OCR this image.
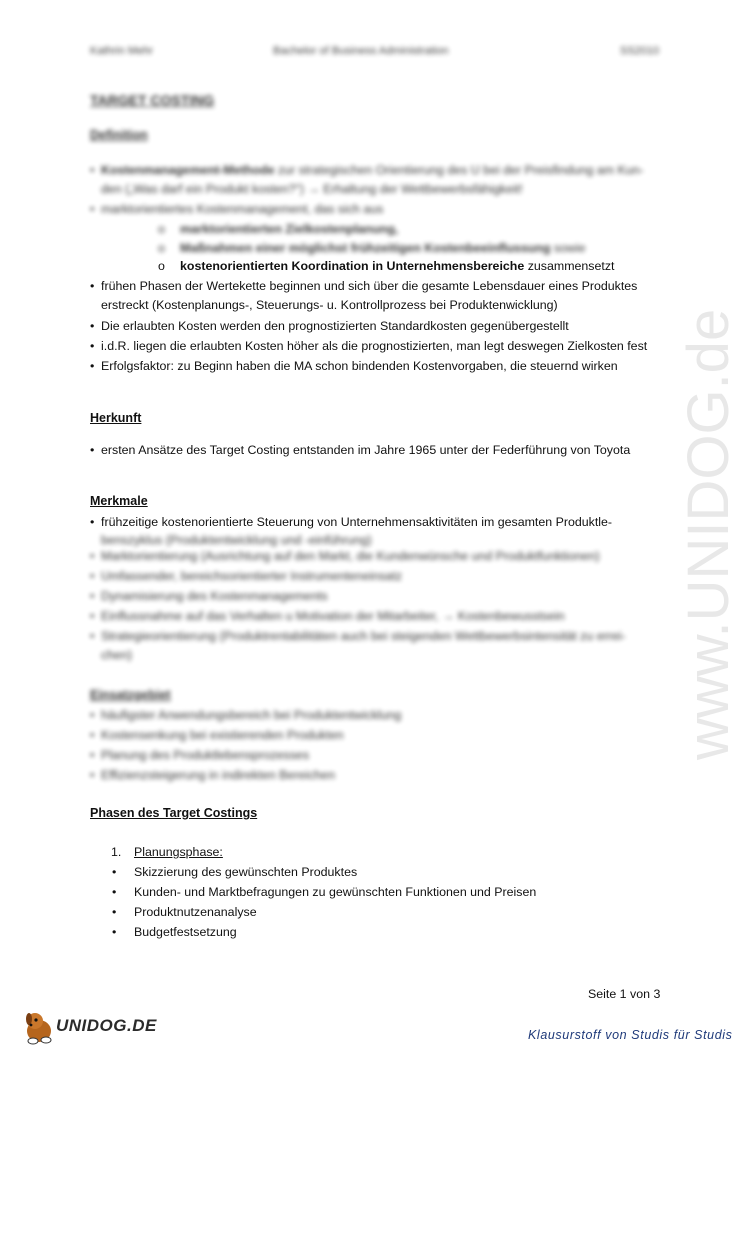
www.UNIDOG.de
Kathrin Mehr	Bachelor of Business Administration	SS2010
TARGET COSTING
Definition
• Kostenmanagement-Methode zur strategischen Orientierung des U bei der Preisfindung am Kun-
den („Was darf ein Produkt kosten?") → Erhaltung der Wettbewerbsfähigkeit!
• marktorientiertes Kostenmanagement, das sich aus
o	marktorientierten Zielkostenplanung,
o	Maßnahmen einer möglichst frühzeitigen Kostenbeeinflussung sowie
o	kostenorientierten Koordination in Unternehmensbereiche zusammensetzt
• frühen Phasen der Wertekette beginnen und sich über die gesamte Lebensdauer eines Produktes
erstreckt (Kostenplanungs-, Steuerungs- u. Kontrollprozess bei Produktenwicklung)
• Die erlaubten Kosten werden den prognostizierten Standardkosten gegenübergestellt
• i.d.R. liegen die erlaubten Kosten höher als die prognostizierten, man legt deswegen Zielkosten fest
• Erfolgsfaktor: zu Beginn haben die MA schon bindenden Kostenvorgaben, die steuernd wirken
Herkunft
• ersten Ansätze des Target Costing entstanden im Jahre 1965 unter der Federführung von Toyota
Merkmale
• frühzeitige kostenorientierte Steuerung von Unternehmensaktivitäten im gesamten Produktle-
benszyklus (Produktentwicklung und -einführung)
• Marktorientierung (Ausrichtung auf den Markt, die Kundenwünsche und Produktfunktionen)
• Umfassender, bereichsorientierter Instrumenteneinsatz
• Dynamisierung des Kostenmanagements
• Einflussnahme auf das Verhalten u Motivation der Mitarbeiter, → Kostenbewusstsein
• Strategieorientierung (Produktrentabilitäten auch bei steigenden Wettbewerbsintensität zu errei-
chen)
Einsatzgebiet
• häufigster Anwendungsbereich bei Produktentwicklung
• Kostensenkung bei existierenden Produkten
• Planung des Produktlebensprozesses
• Effizienzsteigerung in indirekten Bereichen
Phasen des Target Costings
1. Planungsphase:
• Skizzierung des gewünschten Produktes
• Kunden- und Marktbefragungen zu gewünschten Funktionen und Preisen
• Produktnutzenanalyse
• Budgetfestsetzung
Seite 1 von 3
UNIDOG.DE	Klausurstoff von Studis für Studis
